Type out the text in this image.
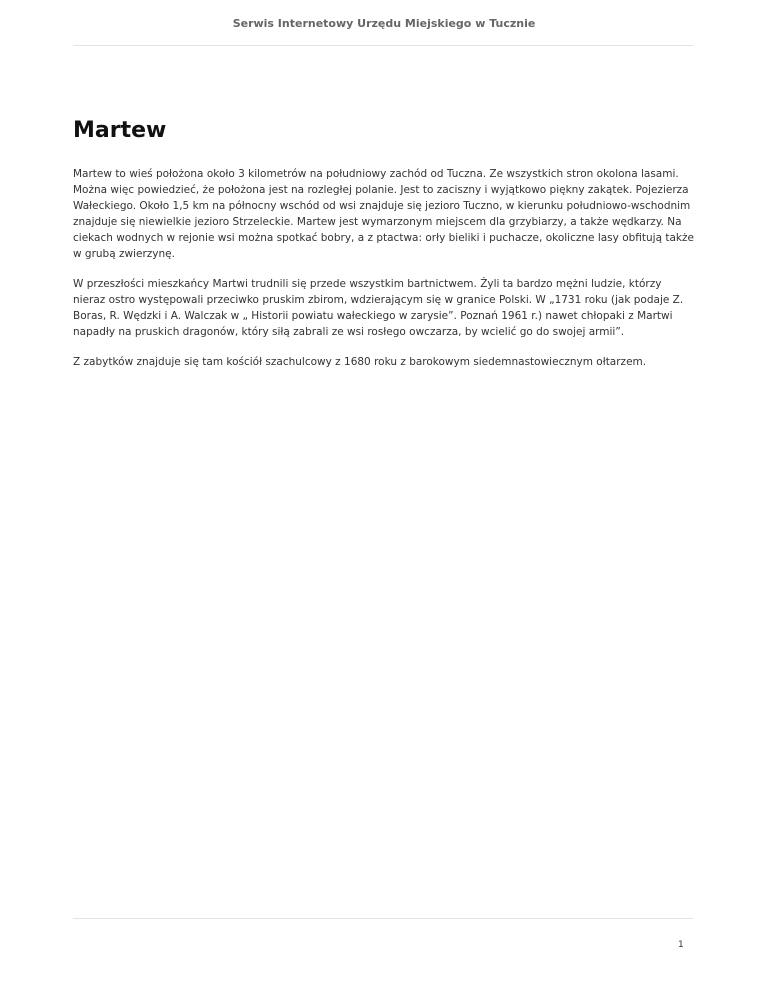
Serwis Internetowy Urzędu Miejskiego w Tucznie
Martew

Martew to wieś położona około 3 kilometrów na południowy zachód od Tuczna. Ze wszystkich stron okolona lasami. Można więc powiedzieć, że położona jest na rozległej polanie. Jest to zaciszny i wyjątkowo piękny zakątek. Pojezierza Wałeckiego. Około 1,5 km na północny wschód od wsi znajduje się jezioro Tuczno, w kierunku południowo-wschodnim znajduje się niewielkie jezioro Strzeleckie. Martew jest wymarzonym miejscem dla grzybiarzy, a także wędkarzy. Na ciekach wodnych w rejonie wsi można spotkać bobry, a z ptactwa: orły bieliki i puchacze, okoliczne lasy obfitują także w grubą zwierzynę.

W przeszłości mieszkańcy Martwi trudnili się przede wszystkim bartnictwem. Żyli ta bardzo mężni ludzie, którzy nieraz ostro występowali przeciwko pruskim zbirom, wdzierającym się w granice Polski. W „1731 roku (jak podaje Z. Boras, R. Wędzki i A. Walczak w „ Historii powiatu wałeckiego w zarysie”. Poznań 1961 r.) nawet chłopaki z Martwi napadły na pruskich dragonów, który siłą zabrali ze wsi rosłego owczarza, by wcielić go do swojej armii”.

Z zabytków znajduje się tam kościół szachulcowy z 1680 roku z barokowym siedemnastowiecznym ołtarzem.

1
